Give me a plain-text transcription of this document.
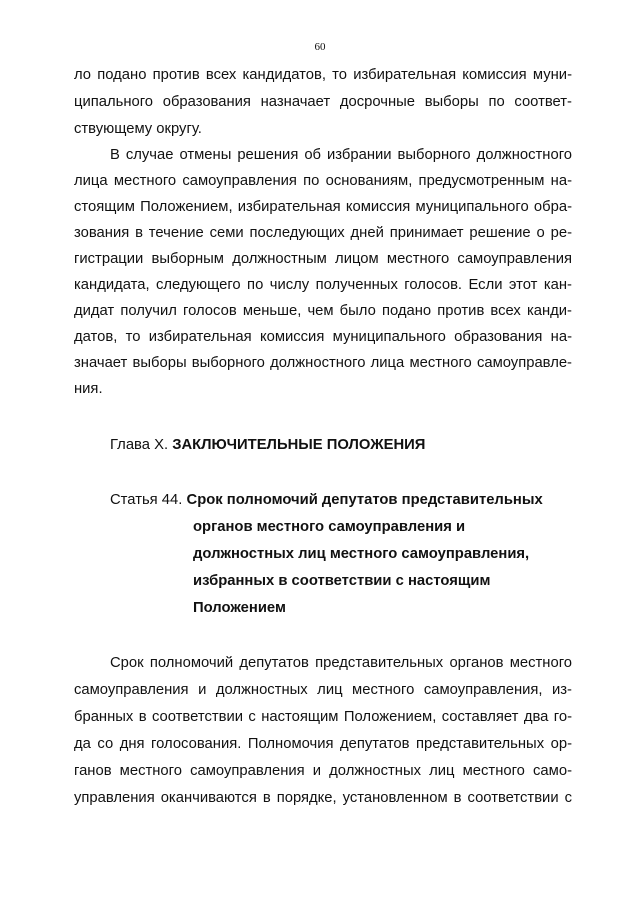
60
ло подано против всех кандидатов, то избирательная комиссия муни-
ципального образования назначает досрочные выборы по соответ-
ствующему округу.
В случае отмены решения об избрании выборного должностного
лица местного самоуправления по основаниям, предусмотренным на-
стоящим Положением, избирательная комиссия муниципального обра-
зования в течение семи последующих дней принимает решение о ре-
гистрации выборным должностным лицом местного самоуправления
кандидата, следующего по числу полученных голосов. Если этот кан-
дидат получил голосов меньше, чем было подано против всех канди-
датов, то избирательная комиссия муниципального образования на-
значает выборы выборного должностного лица местного самоуправле-
ния.
Глава X. ЗАКЛЮЧИТЕЛЬНЫЕ ПОЛОЖЕНИЯ
Статья 44. Срок полномочий депутатов представительных
органов местного самоуправления и
должностных лиц местного самоуправления,
избранных в соответствии с настоящим
Положением
Срок полномочий депутатов представительных органов местного
самоуправления и должностных лиц местного самоуправления, из-
бранных в соответствии с настоящим Положением, составляет два го-
да со дня голосования. Полномочия депутатов представительных ор-
ганов местного самоуправления и должностных лиц местного само-
управления оканчиваются в порядке, установленном в соответствии с
